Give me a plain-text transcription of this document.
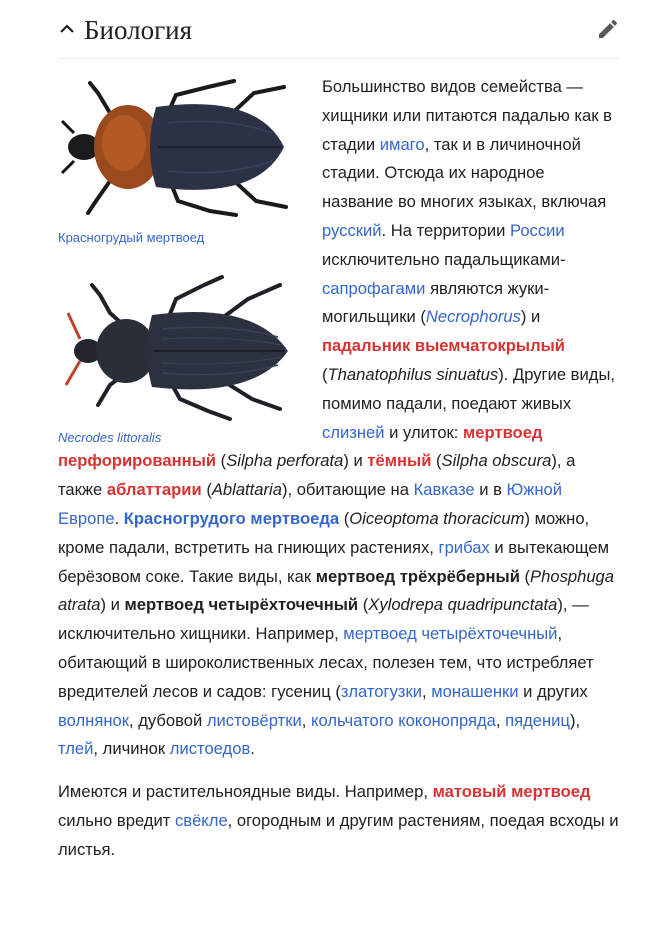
Биология
Красногрудый мертвоед
Necrodes littoralis

Большинство видов семейства — хищники или питаются падалью как в стадии имаго, так и в личиночной стадии. Отсюда их народное название во многих языках, включая русский. На территории России исключительно падальщиками-сапрофагами являются жуки-могильщики (Necrophorus) и падальник выемчатокрылый (Thanatophilus sinuatus). Другие виды, помимо падали, поедают живых слизней и улиток: мертвоед перфорированный (Silpha perforata) и тёмный (Silpha obscura), а также аблаттарии (Ablattaria), обитающие на Кавказе и в Южной Европе. Красногрудого мертвоеда (Oiceoptoma thoracicum) можно, кроме падали, встретить на гниющих растениях, грибах и вытекающем берёзовом соке. Такие виды, как мертвоед трёхрёберный (Phosphuga atrata) и мертвоед четырёхточечный (Xylodrepa quadripunctata), — исключительно хищники. Например, мертвоед четырёхточечный, обитающий в широколиственных лесах, полезен тем, что истребляет вредителей лесов и садов: гусениц (златогузки, монашенки и других волнянок, дубовой листовёртки, кольчатого коконопряда, пядениц), тлей, личинок листоедов.

Имеются и растительноядные виды. Например, матовый мертвоед сильно вредит свёкле, огородным и другим растениям, поедая всходы и листья.
